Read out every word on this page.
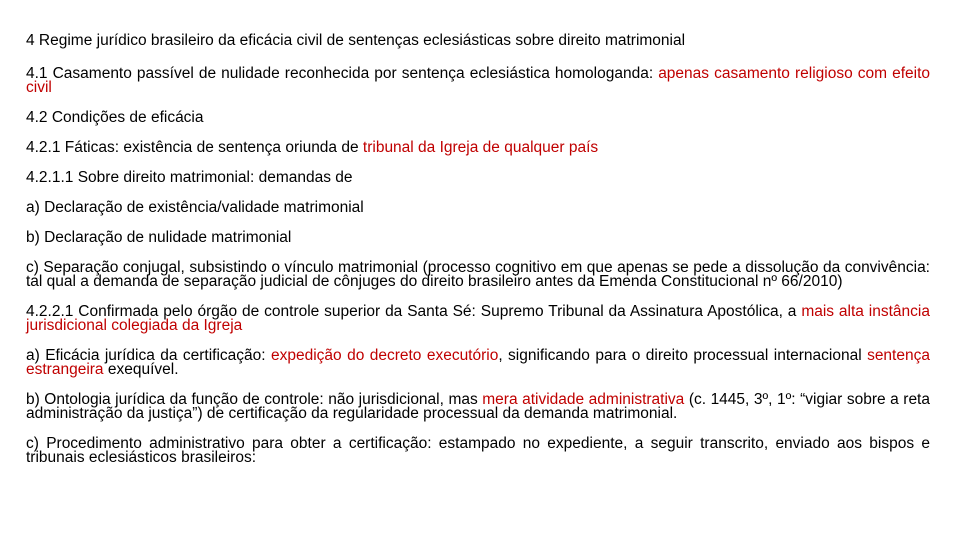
4 Regime jurídico brasileiro da eficácia civil de sentenças eclesiásticas sobre direito matrimonial

4.1 Casamento passível de nulidade reconhecida por sentença eclesiástica homologanda: apenas casamento religioso com efeito civil

4.2 Condições de eficácia

4.2.1 Fáticas: existência de sentença oriunda de tribunal da Igreja de qualquer país

4.2.1.1 Sobre direito matrimonial: demandas de

a) Declaração de existência/validade matrimonial

b) Declaração de nulidade matrimonial

c) Separação conjugal, subsistindo o vínculo matrimonial (processo cognitivo em que apenas se pede a dissolução da convivência: tal qual a demanda de separação judicial de cônjuges do direito brasileiro antes da Emenda Constitucional nº 66/2010)

4.2.2.1 Confirmada pelo órgão de controle superior da Santa Sé: Supremo Tribunal da Assinatura Apostólica, a mais alta instância jurisdicional colegiada da Igreja

a) Eficácia jurídica da certificação: expedição do decreto executório, significando para o direito processual internacional sentença estrangeira exequível.

b) Ontologia jurídica da função de controle: não jurisdicional, mas mera atividade administrativa (c. 1445, 3º, 1º: “vigiar sobre a reta administração da justiça”) de certificação da regularidade processual da demanda matrimonial.

c) Procedimento administrativo para obter a certificação: estampado no expediente, a seguir transcrito, enviado aos bispos e tribunais eclesiásticos brasileiros:
